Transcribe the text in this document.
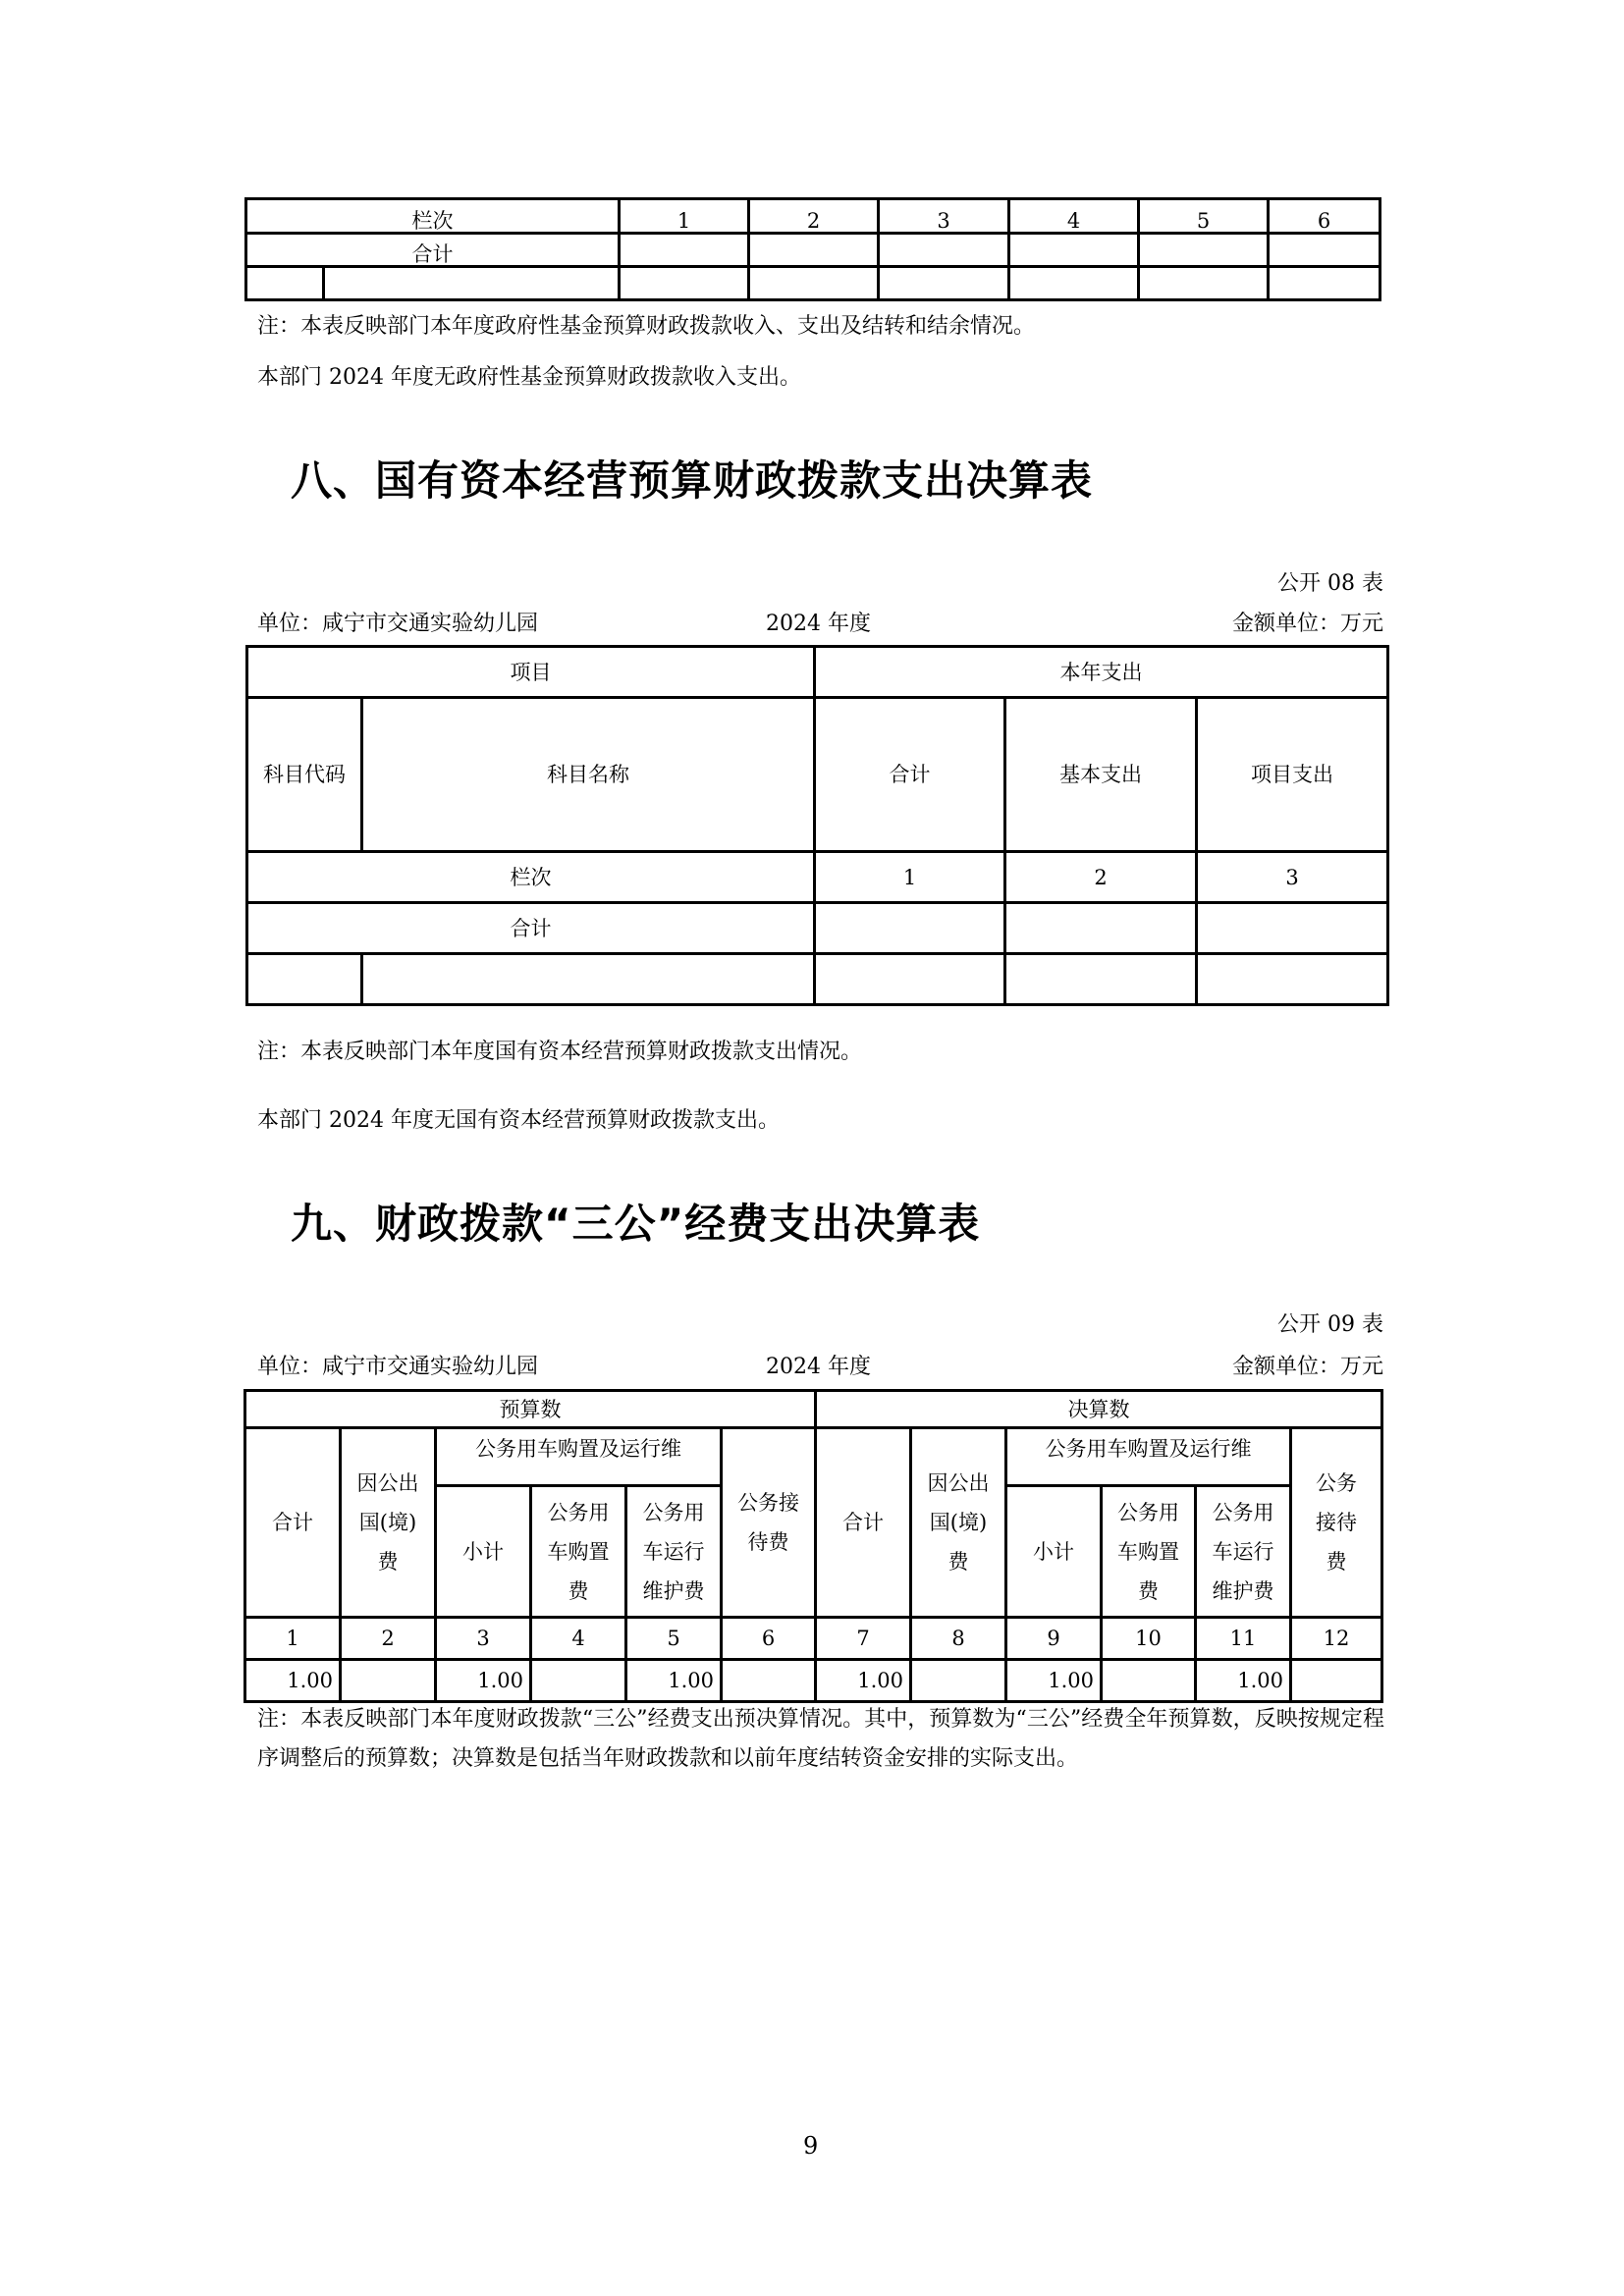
栏次		1	2	3	4	5	6
合计							

注：本表反映部门本年度政府性基金预算财政拨款收入、支出及结转和结余情况。
本部门 2024 年度无政府性基金预算财政拨款收入支出。
八、国有资本经营预算财政拨款支出决算表
公开 08 表
单位：咸宁市交通实验幼儿园	2024 年度	金额单位：万元
项目		本年支出		
科目代码	科目名称	合计	基本支出	项目支出
栏次		1	2	3
合计				

注：本表反映部门本年度国有资本经营预算财政拨款支出情况。
本部门 2024 年度无国有资本经营预算财政拨款支出。
九、财政拨款“三公”经费支出决算表
公开 09 表
单位：咸宁市交通实验幼儿园	2024 年度	金额单位：万元
预算数						决算数					
合计	因公出国(境)费	公务用车购置及运行维			公务接待费	合计	因公出国(境)费	公务用车购置及运行维			公务接待费
		小计	公务用车购置费	公务用车运行维护费				小计	公务用车购置费	公务用车运行维护费	
1	2	3	4	5	6	7	8	9	10	11	12
1.00		1.00		1.00		1.00		1.00		1.00	
注：本表反映部门本年度财政拨款“三公”经费支出预决算情况。其中，预算数为“三公”经费全年预算数，反映按规定程序调整后的预算数；决算数是包括当年财政拨款和以前年度结转资金安排的实际支出。
9
